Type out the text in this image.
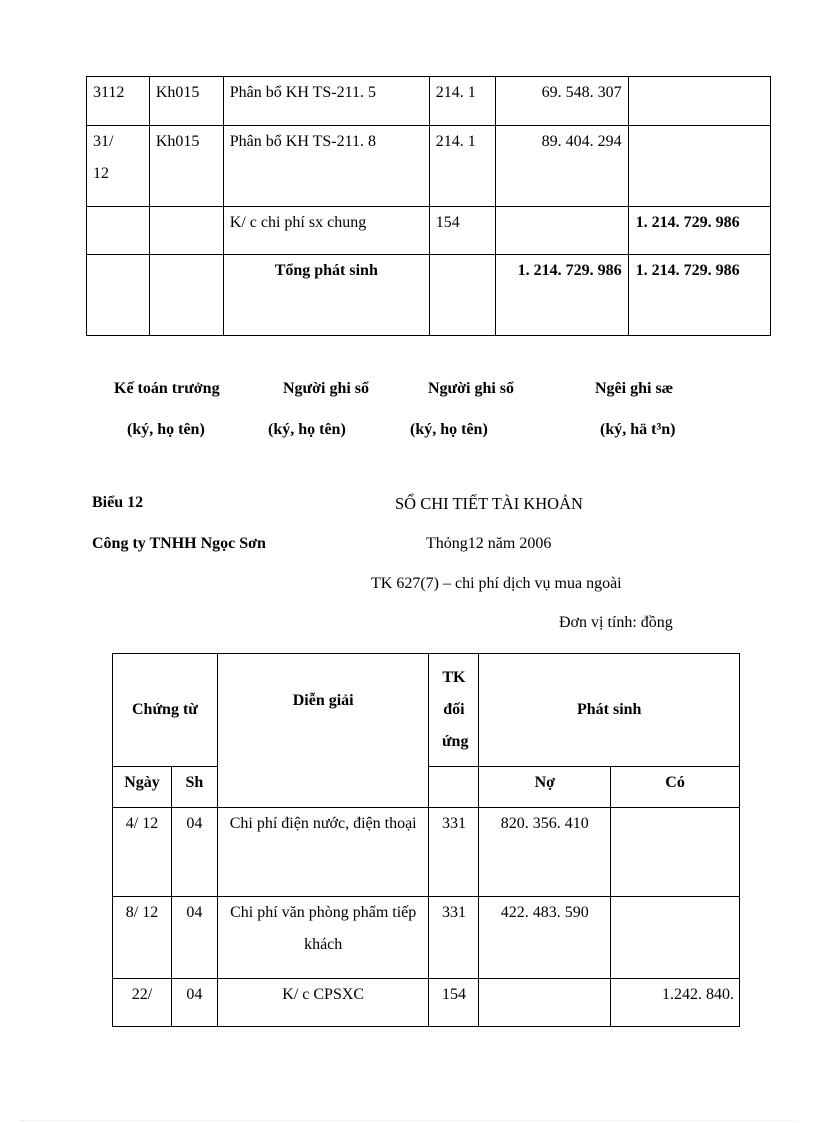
3112	Kh015	Phân bổ KH TS-211. 5	214. 1	69. 548. 307	
31/ 12	Kh015	Phân bổ KH TS-211. 8	214. 1	89. 404. 294	
		K/ c chi phí sx chung	154		1. 214. 729. 986
		Tổng phát sinh		1. 214. 729. 986	1. 214. 729. 986
Kế toán trưởng	Người ghi sổ	Người ghi sổ	Ngêi ghi sæ
(ký, họ tên)	(ký, họ tên)	(ký, họ tên)	(ký, hä t³n)
Biểu 12	SỔ CHI TIẾT TÀI KHOẢN
Công ty TNHH Ngọc Sơn	Thỏng12 năm 2006
TK 627(7) – chi phí dịch vụ mua ngoài
Đơn vị tính: đồng
Chứng từ		Diễn giải	TK đối ứng	Phát sinh	
Ngày	Sh			Nợ	Có
4/ 12	04	Chi phí điện nước, điện thoại	331	820. 356. 410	
8/ 12	04	Chi phí văn phòng phẩm tiếp khách	331	422. 483. 590	
22/	04	K/ c CPSXC	154		1.242. 840.
